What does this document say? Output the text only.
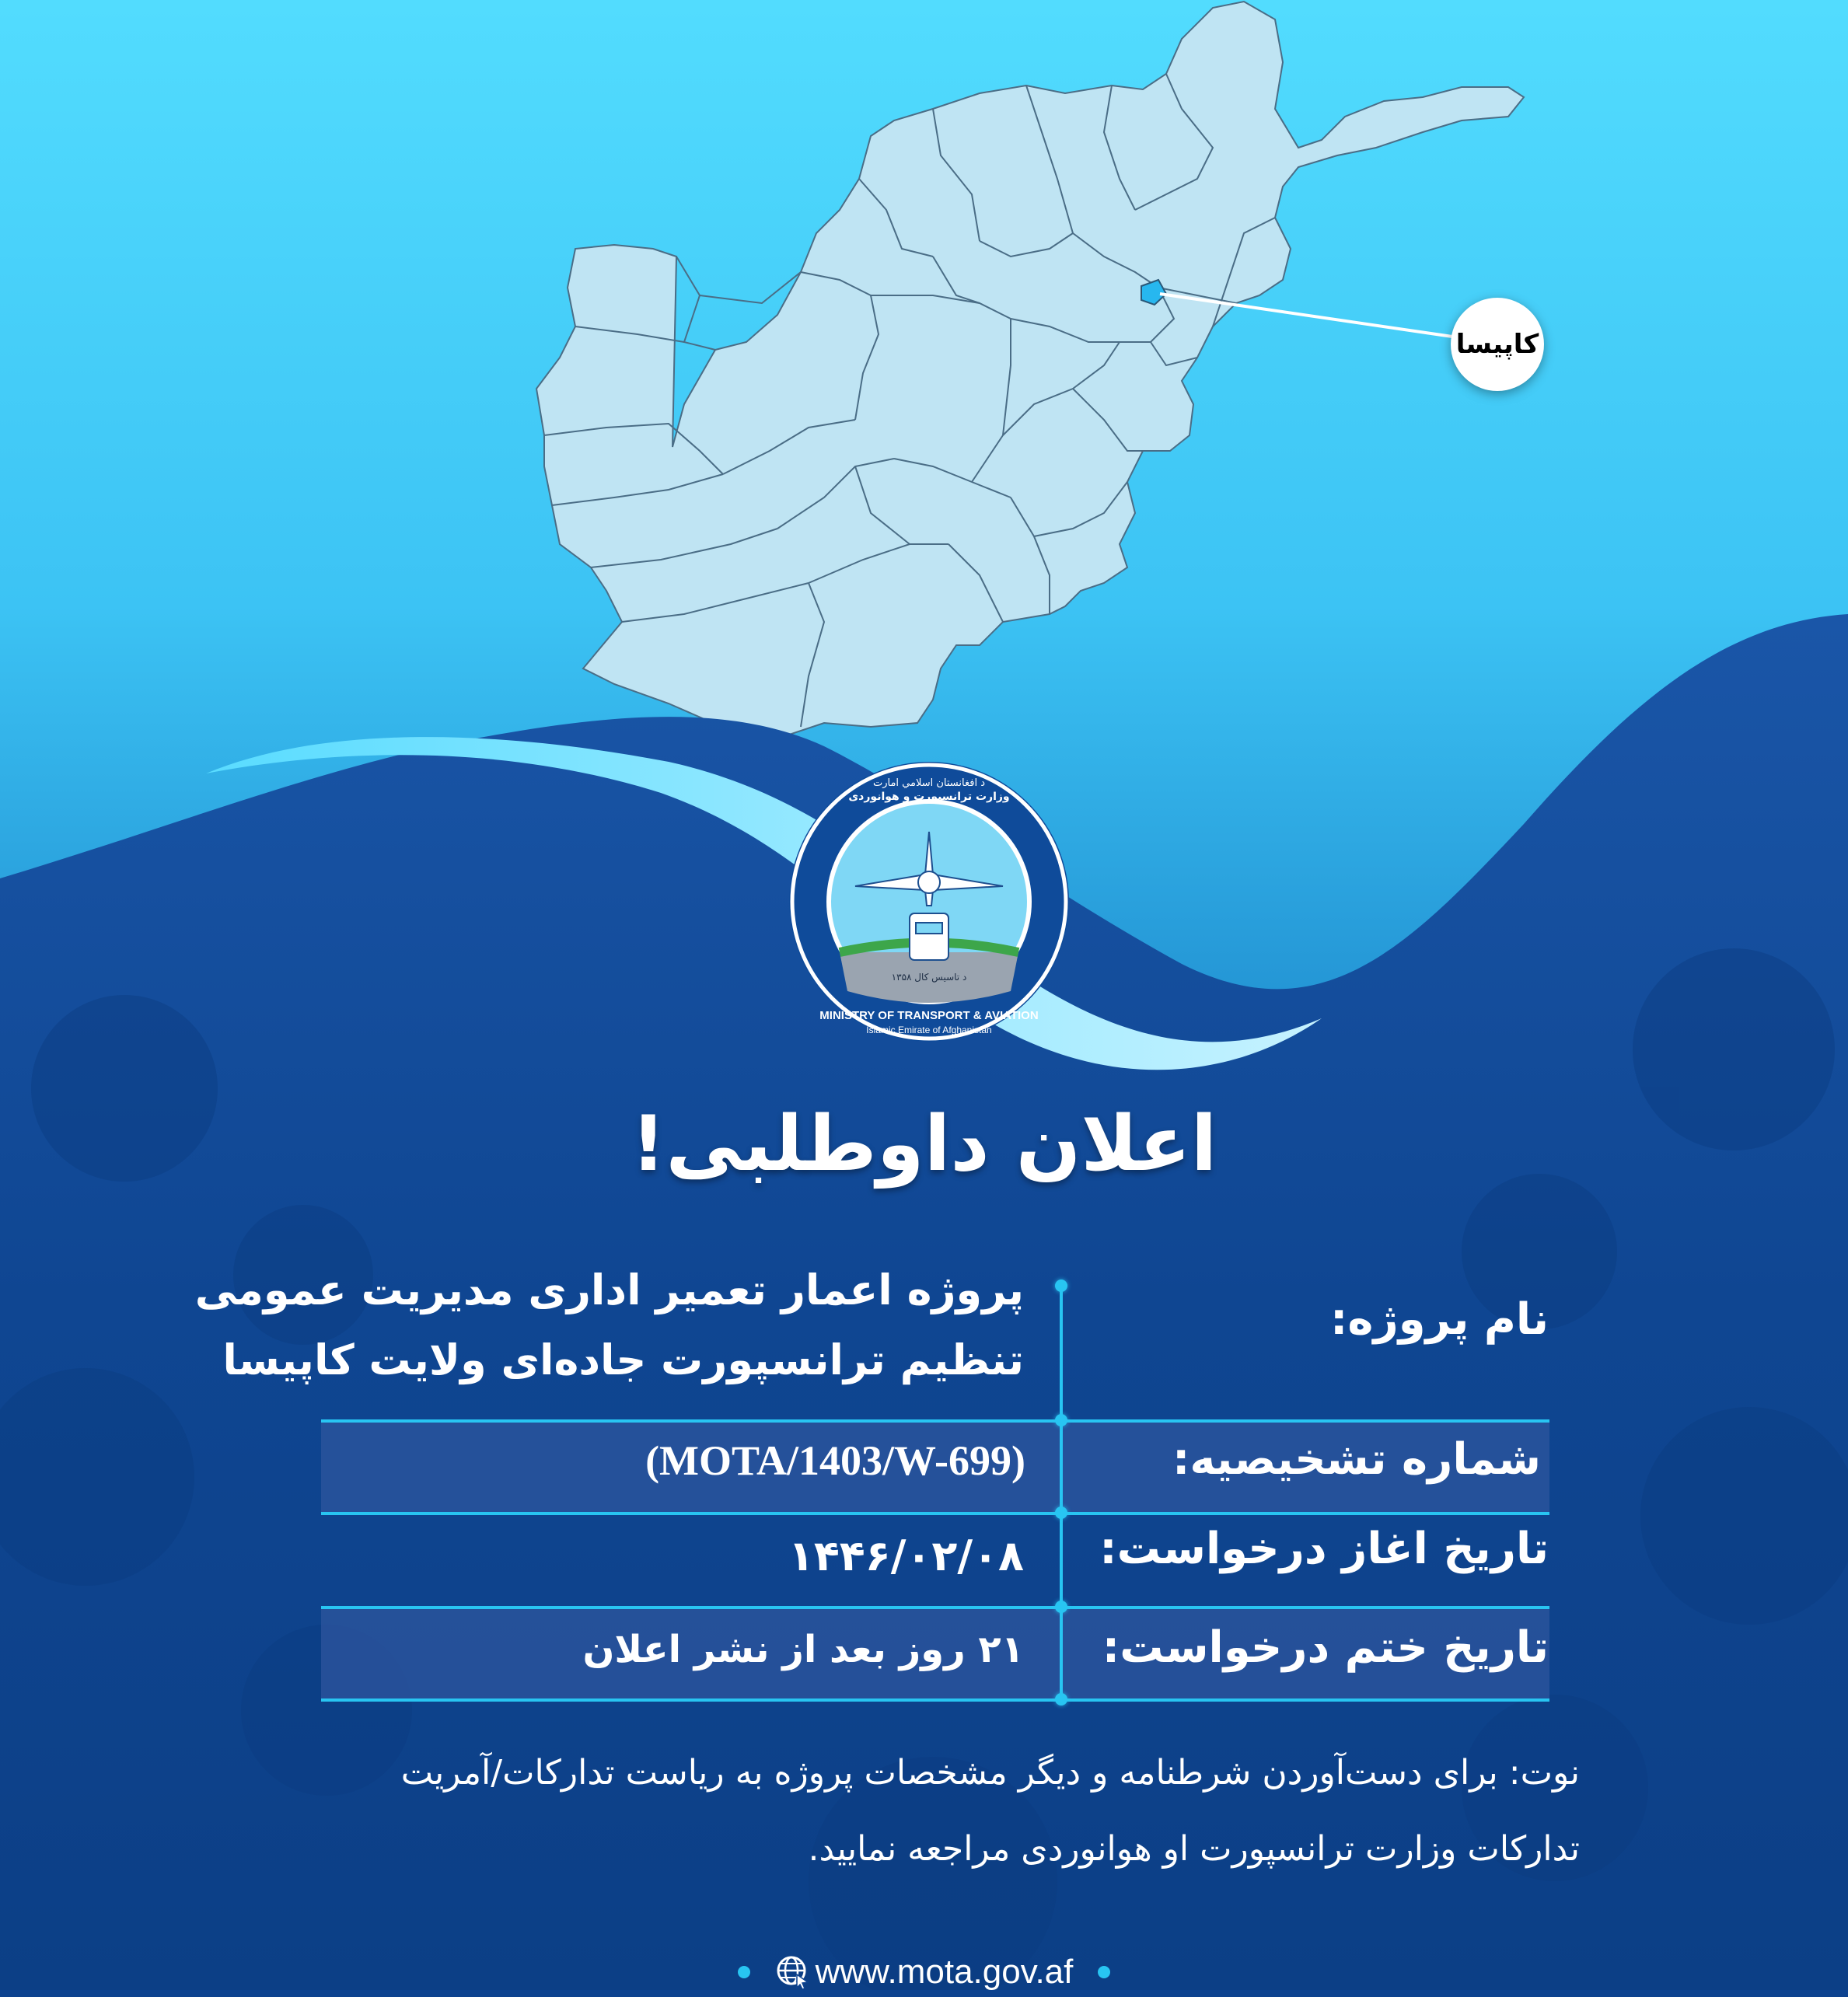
کاپیسا
د تاسیس کال ۱۳۵۸
د افغانستان اسلامي امارت
وزارت ترانسپورت و هوانوردی
MINISTRY OF TRANSPORT & AVIATION
Islamic Emirate of Afghanistan
اعلان داوطلبی!
نام پروژه:
شماره تشخیصیه:
تاریخ اغاز درخواست:
تاریخ ختم درخواست:
پروژه اعمار تعمیر اداری مدیریت عمومی
تنظیم ترانسپورت جاده‌ای ولایت کاپیسا
(MOTA/1403/W-699)
۱۴۴۶/۰۲/۰۸
۲۱ روز بعد از نشر اعلان
نوت: برای دست‌آوردن شرطنامه و دیگر مشخصات پروژه به ریاست تدارکات/آمریت
تدارکات وزارت ترانسپورت او هوانوردی مراجعه نمایید.
www.mota.gov.af
